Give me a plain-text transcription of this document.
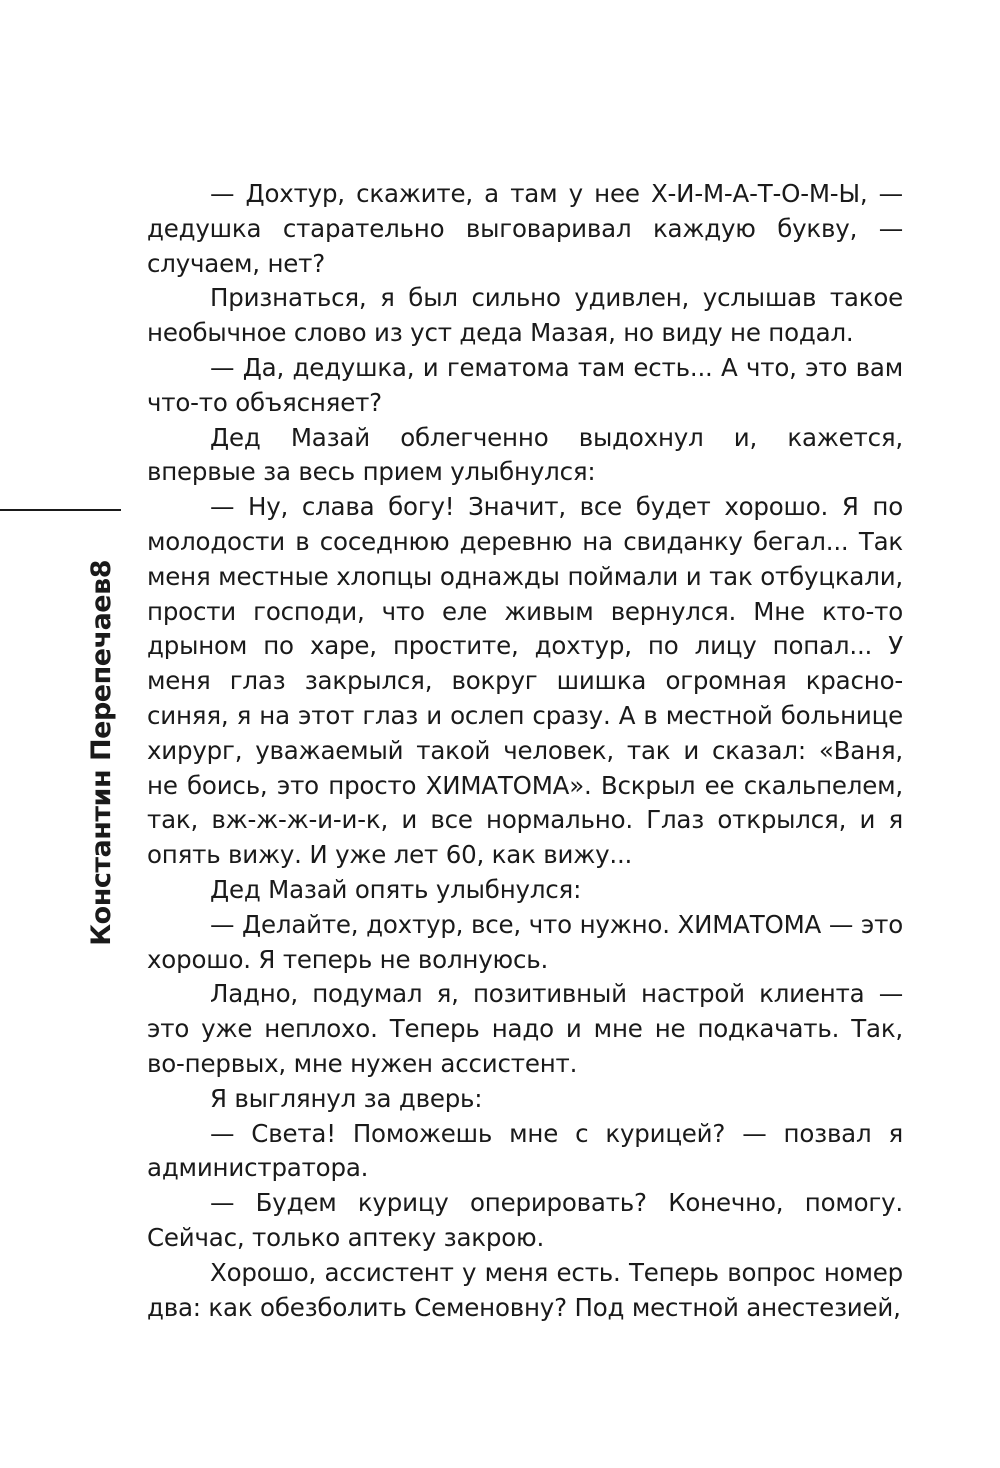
8
Константин Перепечаев

— Дохтур, скажите, а там у нее Х-И-М-А-Т-О-М-Ы, — дедушка старательно выговаривал каждую букву, — случаем, нет?

Признаться, я был сильно удивлен, услышав такое необычное слово из уст деда Мазая, но виду не подал.

— Да, дедушка, и гематома там есть... А что, это вам что-то объясняет?

Дед Мазай облегченно выдохнул и, кажется, впервые за весь прием улыбнулся:

— Ну, слава богу! Значит, все будет хорошо. Я по молодости в соседнюю деревню на свиданку бегал... Так меня местные хлопцы однажды поймали и так отбуцкали, прости господи, что еле живым вернулся. Мне кто-то дрыном по харе, простите, дохтур, по лицу попал... У меня глаз закрылся, вокруг шишка огромная красно-синяя, я на этот глаз и ослеп сразу. А в местной больнице хирург, уважаемый такой человек, так и сказал: «Ваня, не боись, это просто ХИМАТОМА». Вскрыл ее скальпелем, так, вж-ж-ж-и-и-к, и все нормально. Глаз открылся, и я опять вижу. И уже лет 60, как вижу...

Дед Мазай опять улыбнулся:

— Делайте, дохтур, все, что нужно. ХИМАТОМА — это хорошо. Я теперь не волнуюсь.

Ладно, подумал я, позитивный настрой клиента — это уже неплохо. Теперь надо и мне не подкачать. Так, во-первых, мне нужен ассистент.

Я выглянул за дверь:

— Света! Поможешь мне с курицей? — позвал я администратора.

— Будем курицу оперировать? Конечно, помогу. Сейчас, только аптеку закрою.

Хорошо, ассистент у меня есть. Теперь вопрос номер два: как обезболить Семеновну? Под местной анестезией,
